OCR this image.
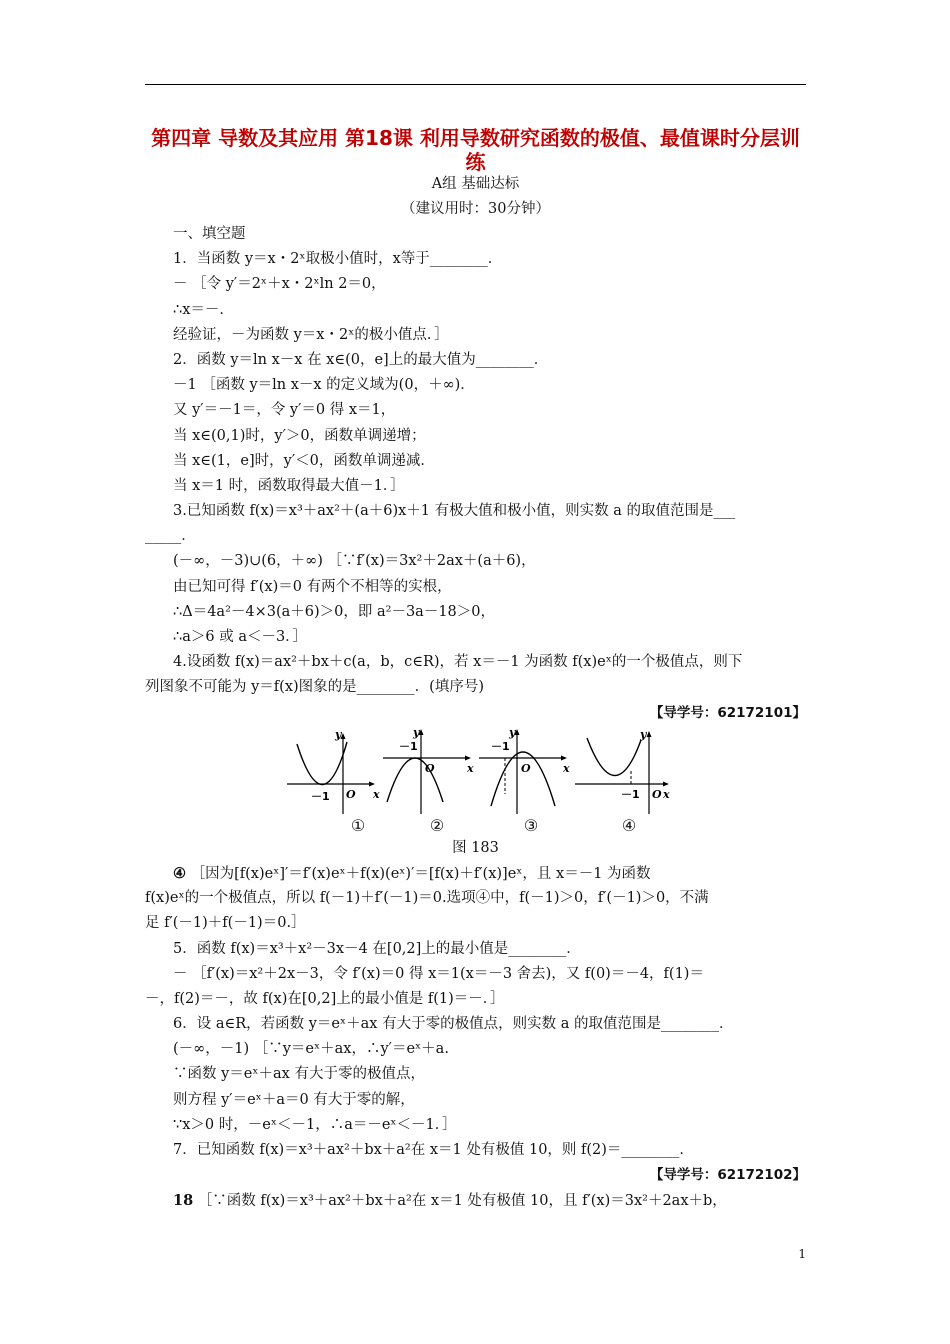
第四章 导数及其应用 第18课 利用导数研究函数的极值、最值课时分层训练
A组 基础达标
（建议用时：30分钟）
一、填空题
1．当函数 y＝x・2ˣ取极小值时，x等于________．
－ ［令 y′＝2ˣ＋x・2ˣln 2＝0，
∴x＝－．
经验证，－为函数 y＝x・2ˣ的极小值点．］
2．函数 y＝ln x－x 在 x∈(0，e]上的最大值为________．
－1 ［函数 y＝ln x－x 的定义域为(0，＋∞)．
又 y′＝－1＝，令 y′＝0 得 x＝1，
当 x∈(0,1)时，y′＞0，函数单调递增；
当 x∈(1，e]时，y′＜0，函数单调递减．
当 x＝1 时，函数取得最大值－1．］
3.已知函数 f(x)＝x³＋ax²＋(a＋6)x＋1 有极大值和极小值，则实数 a 的取值范围是___
_____．
(－∞，－3)∪(6，＋∞) ［∵f′(x)＝3x²＋2ax＋(a＋6)，
由已知可得 f′(x)＝0 有两个不相等的实根，
∴Δ＝4a²－4×3(a＋6)＞0，即 a²－3a－18＞0，
∴a＞6 或 a＜－3．］
4.设函数 f(x)＝ax²＋bx＋c(a，b，c∈R)，若 x＝－1 为函数 f(x)eˣ的一个极值点，则下
列图象不可能为 y＝f(x)图象的是________．(填序号)
【导学号：62172101】
y
x
O
－1
y
x
O
－1
y
x
O
－1
y
x
O
－1
①	②	③	④
图 183
④ ［因为[f(x)eˣ]′＝f′(x)eˣ＋f(x)(eˣ)′＝[f(x)＋f′(x)]eˣ，且 x＝－1 为函数
f(x)eˣ的一个极值点，所以 f(－1)＋f′(－1)＝0.选项④中，f(－1)＞0，f′(－1)＞0，不满
足 f′(－1)＋f(－1)＝0.］
5．函数 f(x)＝x³＋x²－3x－4 在[0,2]上的最小值是________．
－ ［f′(x)＝x²＋2x－3，令 f′(x)＝0 得 x＝1(x＝－3 舍去)，又 f(0)＝－4，f(1)＝
－，f(2)＝－，故 f(x)在[0,2]上的最小值是 f(1)＝－．］
6．设 a∈R，若函数 y＝eˣ＋ax 有大于零的极值点，则实数 a 的取值范围是________．
(－∞，－1) ［∵y＝eˣ＋ax，∴y′＝eˣ＋a.
∵函数 y＝eˣ＋ax 有大于零的极值点，
则方程 y′＝eˣ＋a＝0 有大于零的解，
∵x＞0 时，－eˣ＜－1，∴a＝－eˣ＜－1．］
7．已知函数 f(x)＝x³＋ax²＋bx＋a²在 x＝1 处有极值 10，则 f(2)＝________．
【导学号：62172102】
18 ［∵函数 f(x)＝x³＋ax²＋bx＋a²在 x＝1 处有极值 10，且 f′(x)＝3x²＋2ax＋b，
1
